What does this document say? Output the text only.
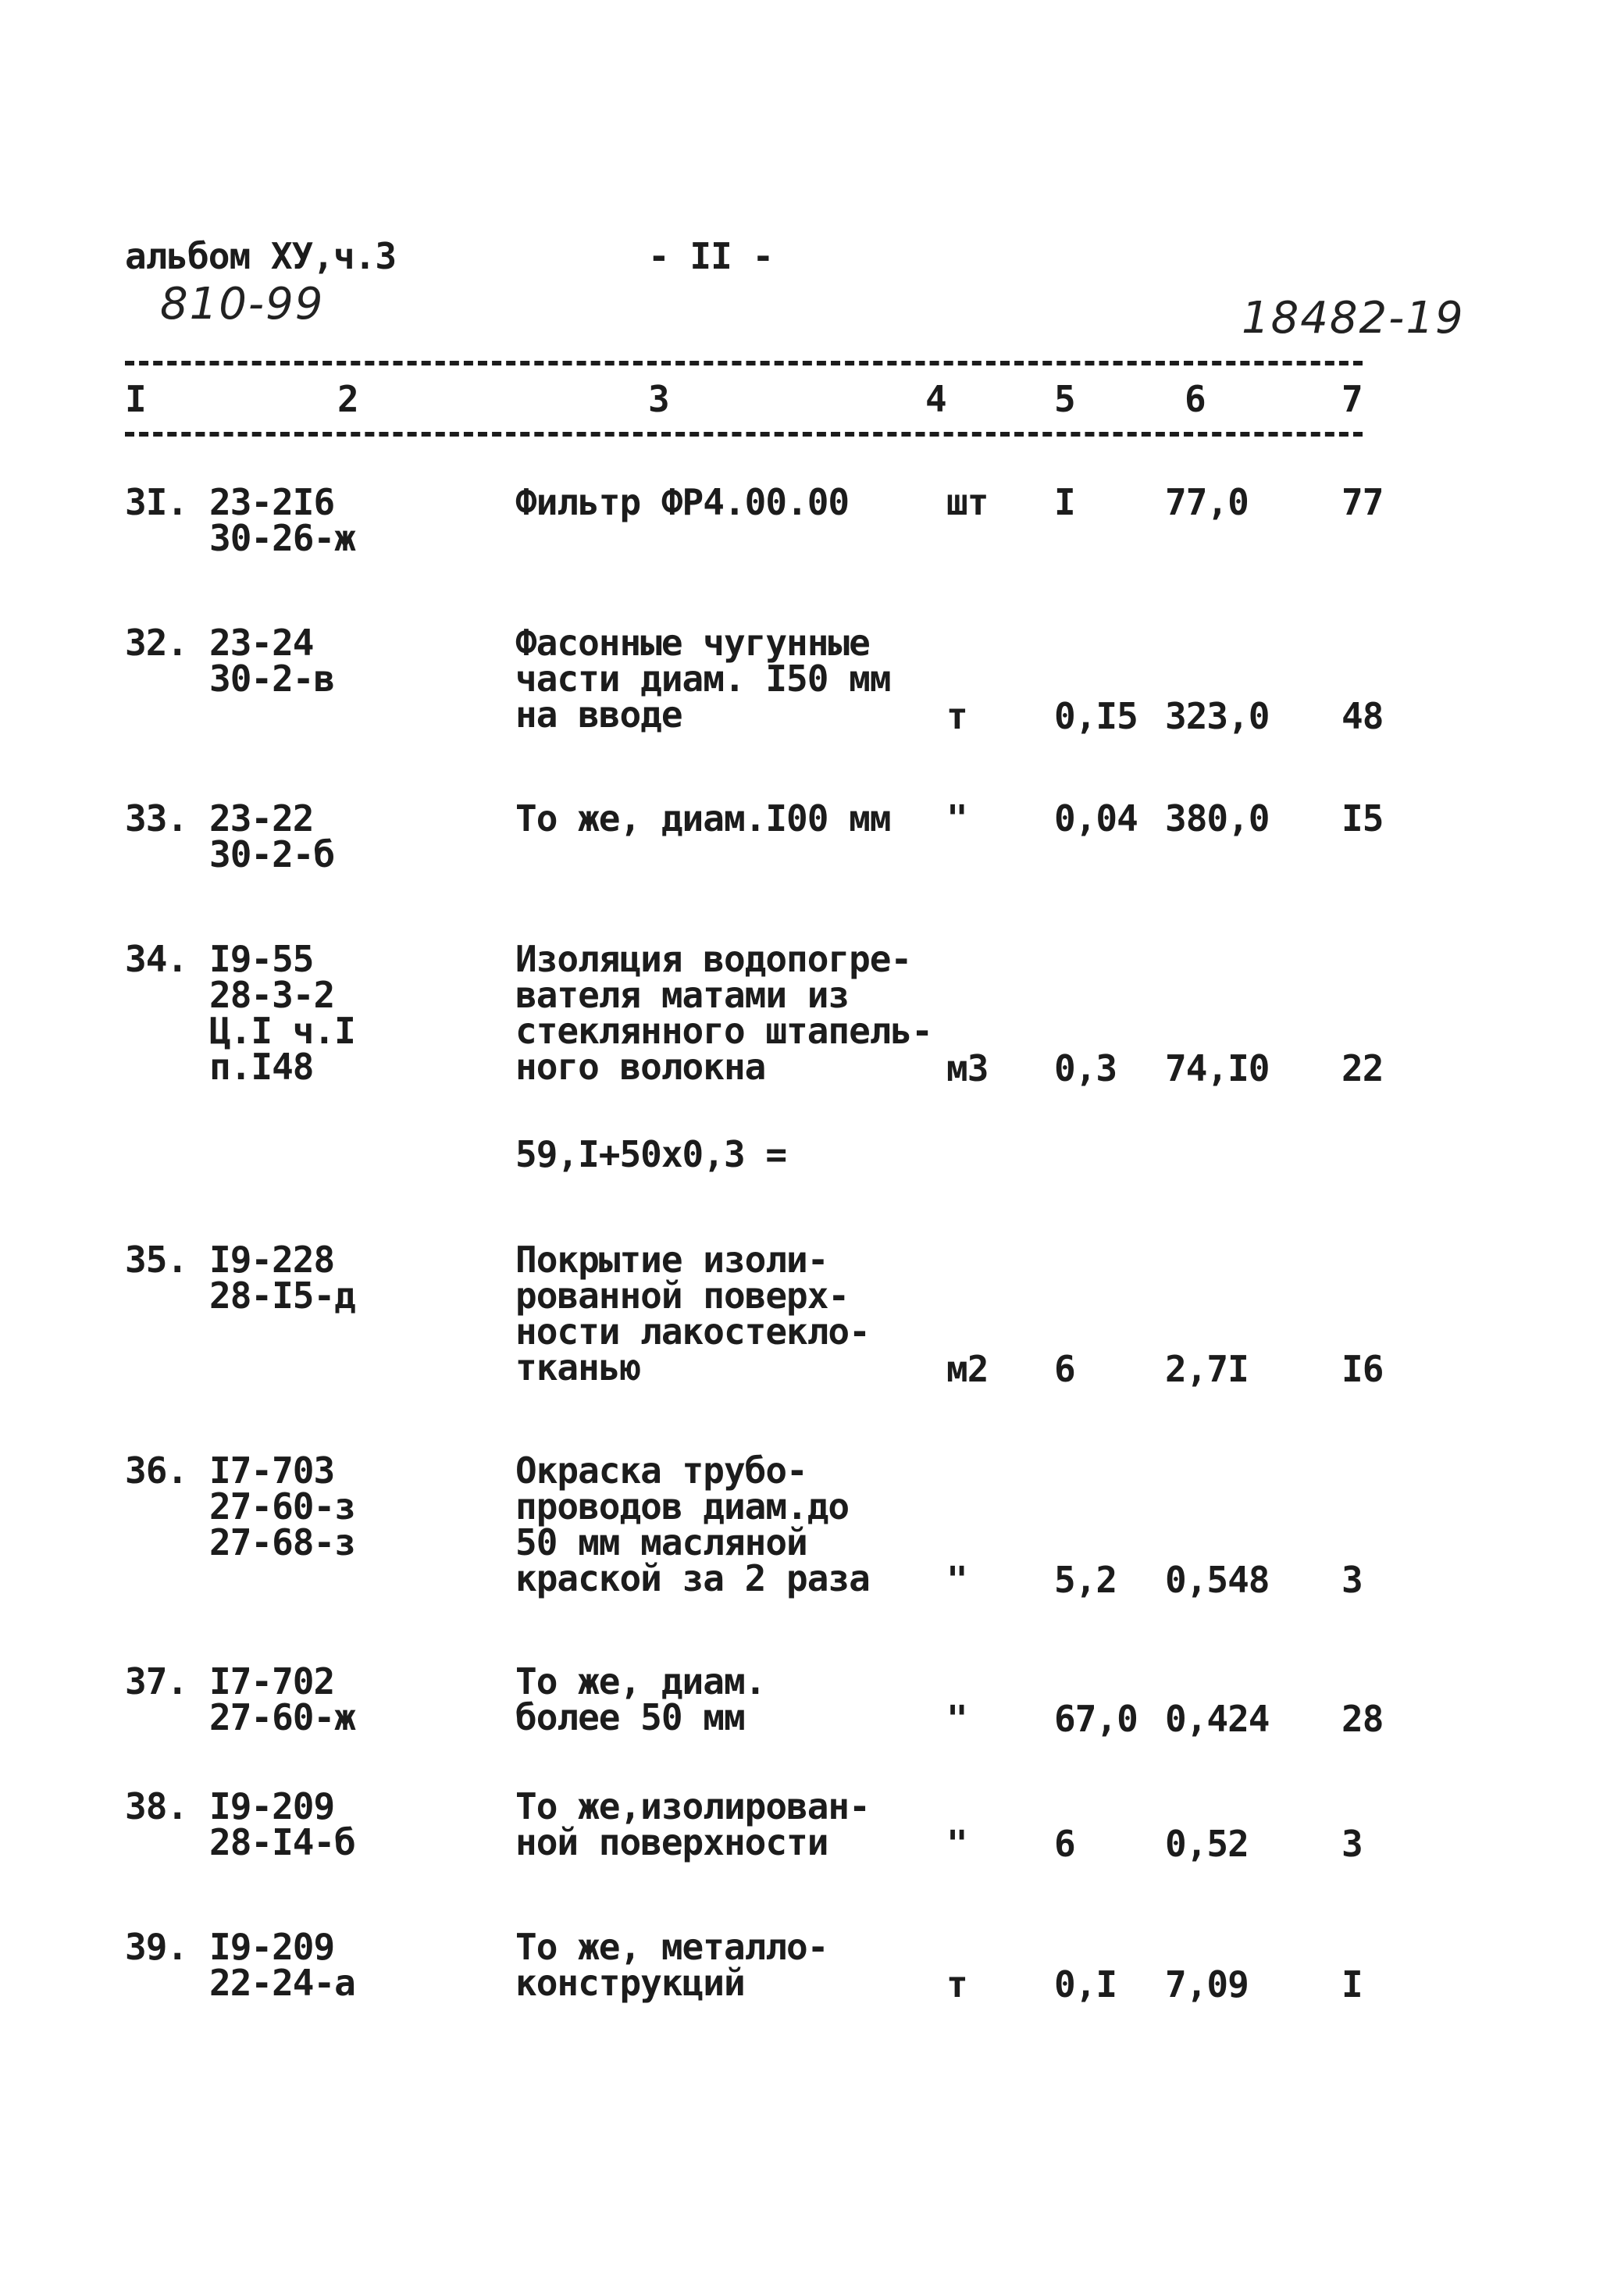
альбом XУ,ч.3	- II -
810-99	18482-19
I	2	3	4	5	6	7
3I. 23-2I6
30-26-ж
Фильтр ФР4.00.00	шт I	77,0	77
32. 23-24
30-2-в
Фасонные чугунные
части диам. I50 мм
на вводе	т 0,I5 323,0 48
33. 23-22
30-2-б
То же, диам.I00 мм " 0,04 380,0 I5
34. I9-55
28-3-2
Ц.I ч.I
п.I48
Изоляция водопогре-
вателя матами из
стеклянного штапель-
ного волокна	м3 0,3 74,I0 22
59,I+50x0,3 =
35. I9-228
28-I5-д
Покрытие изоли-
рованной поверх-
ности лакостекло-
тканью	м2 6	2,7I	I6
36. I7-703
27-60-з
27-68-з
Окраска трубо-
проводов диам.до
50 мм масляной
краской за 2 раза " 5,2 0,548 3
37. I7-702
27-60-ж
То же, диам.
более 50 мм	" 67,0 0,424 28
38. I9-209
28-I4-б
То же,изолирован-
ной поверхности	" 6	0,52	3
39. I9-209
22-24-а
То же, металло-
конструкций	т 0,I 7,09	I
